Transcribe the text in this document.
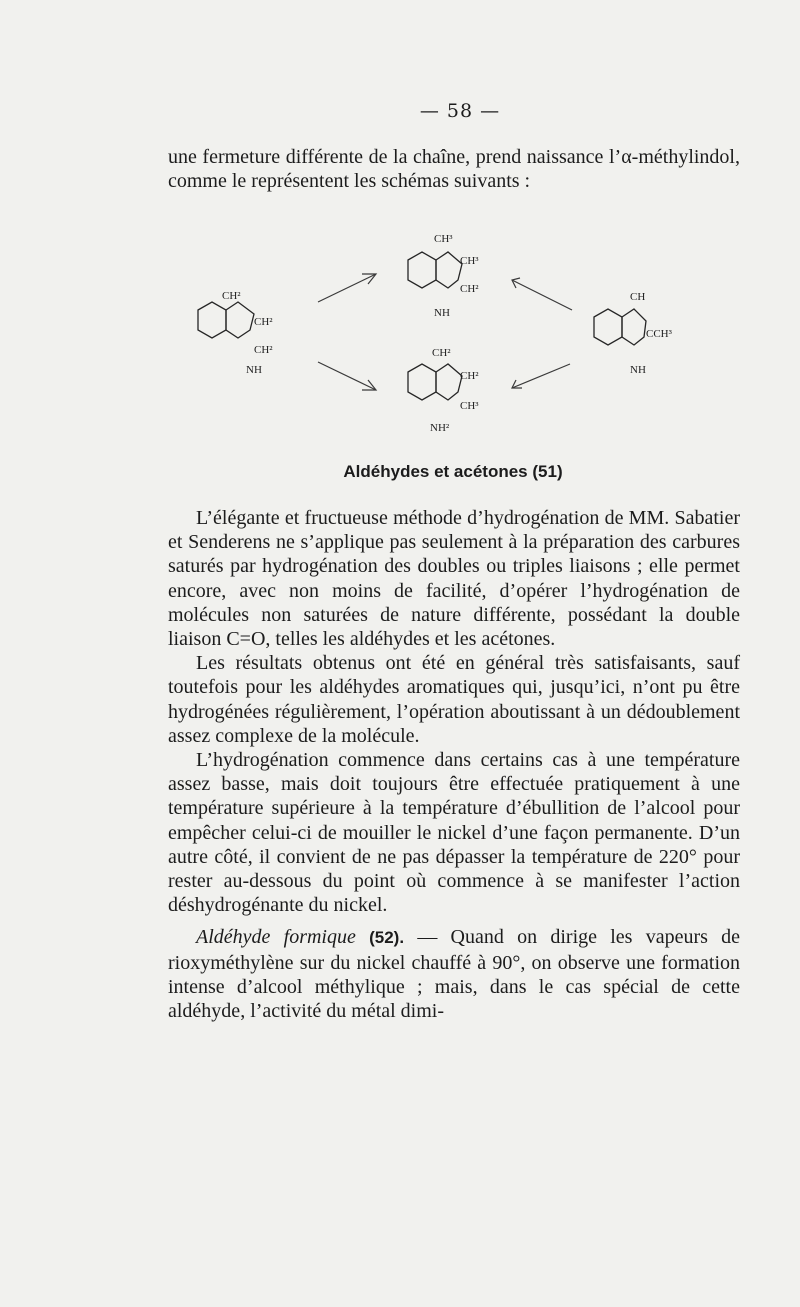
— 58 —

une fermeture différente de la chaîne, prend naissance l’α-méthylindol, comme le représentent les schémas suivants :

CH²
CH²
CH²
NH
CH³
CH³
CH²
NH
CH²
CH²
CH³
NH²
CH
CCH³
NH
Aldéhydes et acétones (51)

L’élégante et fructueuse méthode d’hydrogénation de MM. Sabatier et Senderens ne s’applique pas seulement à la préparation des carbures saturés par hydrogénation des doubles ou triples liaisons ; elle permet encore, avec non moins de facilité, d’opérer l’hydrogénation de molécules non saturées de nature différente, possédant la double liaison C=O, telles les aldéhydes et les acétones.

Les résultats obtenus ont été en général très satisfaisants, sauf toutefois pour les aldéhydes aromatiques qui, jusqu’ici, n’ont pu être hydrogénées régulièrement, l’opération aboutissant à un dédoublement assez complexe de la molécule.

L’hydrogénation commence dans certains cas à une température assez basse, mais doit toujours être effectuée pratiquement à une température supérieure à la température d’ébullition de l’alcool pour empêcher celui-ci de mouiller le nickel d’une façon permanente. D’un autre côté, il convient de ne pas dépasser la température de 220° pour rester au-dessous du point où commence à se manifester l’action déshydrogénante du nickel.

Aldéhyde formique (52). — Quand on dirige les vapeurs de rioxyméthylène sur du nickel chauffé à 90°, on observe une formation intense d’alcool méthylique ; mais, dans le cas spécial de cette aldéhyde, l’activité du métal dimi-
